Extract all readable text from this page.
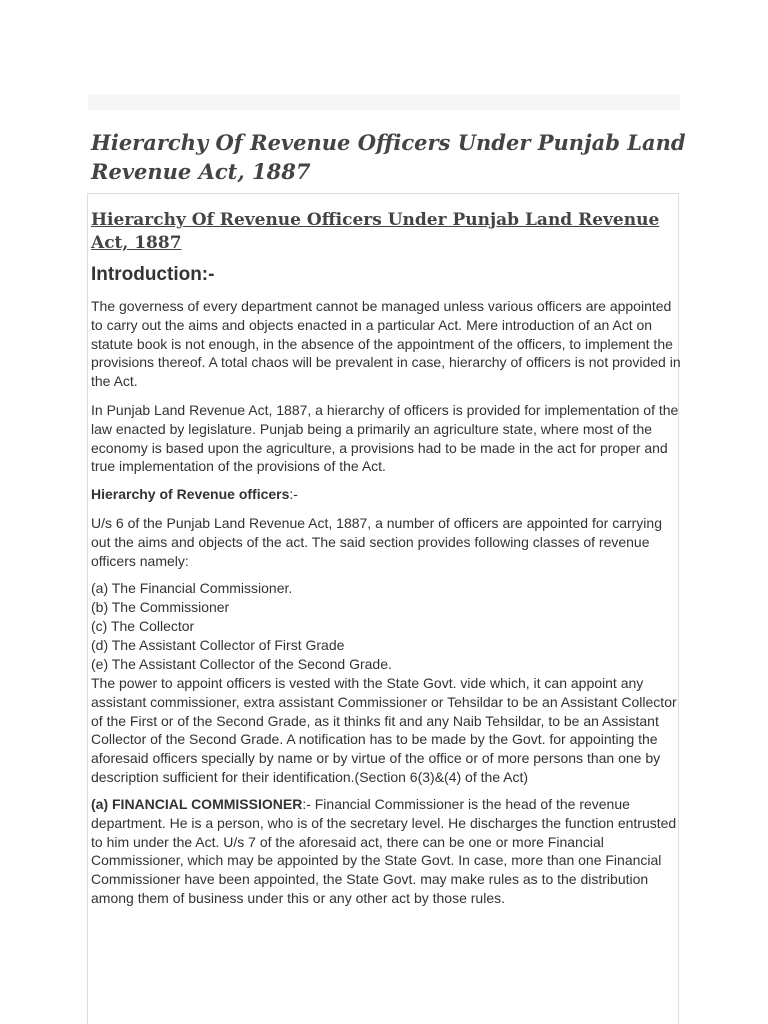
Hierarchy Of Revenue Officers Under Punjab Land Revenue Act, 1887
Hierarchy Of Revenue Officers Under Punjab Land Revenue Act, 1887
Introduction:-

The governess of every department cannot be managed unless various officers are appointed to carry out the aims and objects enacted in a particular Act. Mere introduction of an Act on statute book is not enough, in the absence of the appointment of the officers, to implement the provisions thereof. A total chaos will be prevalent in case, hierarchy of officers is not provided in the Act.

In Punjab Land Revenue Act, 1887, a hierarchy of officers is provided for implementation of the law enacted by legislature. Punjab being a primarily an agriculture state, where most of the economy is based upon the agriculture, a provisions had to be made in the act for proper and true implementation of the provisions of the Act.

Hierarchy of Revenue officers:-

U/s 6 of the Punjab Land Revenue Act, 1887, a number of officers are appointed for carrying out the aims and objects of the act. The said section provides following classes of revenue officers namely:

(a) The Financial Commissioner.
(b) The Commissioner
(c) The Collector
(d) The Assistant Collector of First Grade
(e) The Assistant Collector of the Second Grade.

The power to appoint officers is vested with the State Govt. vide which, it can appoint any assistant commissioner, extra assistant Commissioner or Tehsildar to be an Assistant Collector of the First or of the Second Grade, as it thinks fit and any Naib Tehsildar, to be an Assistant Collector of the Second Grade. A notification has to be made by the Govt. for appointing the aforesaid officers specially by name or by virtue of the office or of more persons than one by description sufficient for their identification.(Section 6(3)&(4) of the Act)

(a) FINANCIAL COMMISSIONER:- Financial Commissioner is the head of the revenue department. He is a person, who is of the secretary level. He discharges the function entrusted to him under the Act. U/s 7 of the aforesaid act, there can be one or more Financial Commissioner, which may be appointed by the State Govt. In case, more than one Financial Commissioner have been appointed, the State Govt. may make rules as to the distribution among them of business under this or any other act by those rules.
